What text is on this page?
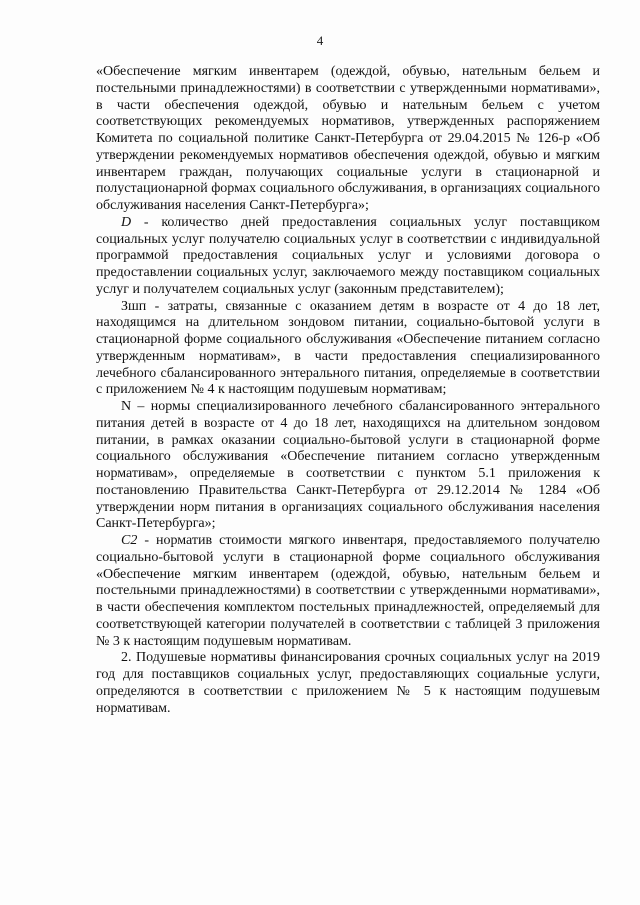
4

«Обеспечение мягким инвентарем (одеждой, обувью, нательным бельем и постельными принадлежностями) в соответствии с утвержденными нормативами», в части обеспечения одеждой, обувью и нательным бельем с учетом соответствующих рекомендуемых нормативов, утвержденных распоряжением Комитета по социальной политике Санкт-Петербурга от 29.04.2015 № 126-р «Об утверждении рекомендуемых нормативов обеспечения одеждой, обувью и мягким инвентарем граждан, получающих социальные услуги в стационарной и полустационарной формах социального обслуживания, в организациях социального обслуживания населения Санкт-Петербурга»;

D - количество дней предоставления социальных услуг поставщиком социальных услуг получателю социальных услуг в соответствии с индивидуальной программой предоставления социальных услуг и условиями договора о предоставлении социальных услуг, заключаемого между поставщиком социальных услуг и получателем социальных услуг (законным представителем);

Зшп - затраты, связанные с оказанием детям в возрасте от 4 до 18 лет, находящимся на длительном зондовом питании, социально-бытовой услуги в стационарной форме социального обслуживания «Обеспечение питанием согласно утвержденным нормативам», в части предоставления специализированного лечебного сбалансированного энтерального питания, определяемые в соответствии с приложением № 4 к настоящим подушевым нормативам;

N – нормы специализированного лечебного сбалансированного энтерального питания детей в возрасте от 4 до 18 лет, находящихся на длительном зондовом питании, в рамках оказании социально-бытовой услуги в стационарной форме социального обслуживания «Обеспечение питанием согласно утвержденным нормативам», определяемые в соответствии с пунктом 5.1 приложения к постановлению Правительства Санкт-Петербурга от 29.12.2014 № 1284 «Об утверждении норм питания в организациях социального обслуживания населения Санкт-Петербурга»;

С2 - норматив стоимости мягкого инвентаря, предоставляемого получателю социально-бытовой услуги в стационарной форме социального обслуживания «Обеспечение мягким инвентарем (одеждой, обувью, нательным бельем и постельными принадлежностями) в соответствии с утвержденными нормативами», в части обеспечения комплектом постельных принадлежностей, определяемый для соответствующей категории получателей в соответствии с таблицей 3 приложения № 3 к настоящим подушевым нормативам.

2. Подушевые нормативы финансирования срочных социальных услуг на 2019 год для поставщиков социальных услуг, предоставляющих социальные услуги, определяются в соответствии с приложением № 5 к настоящим подушевым нормативам.
